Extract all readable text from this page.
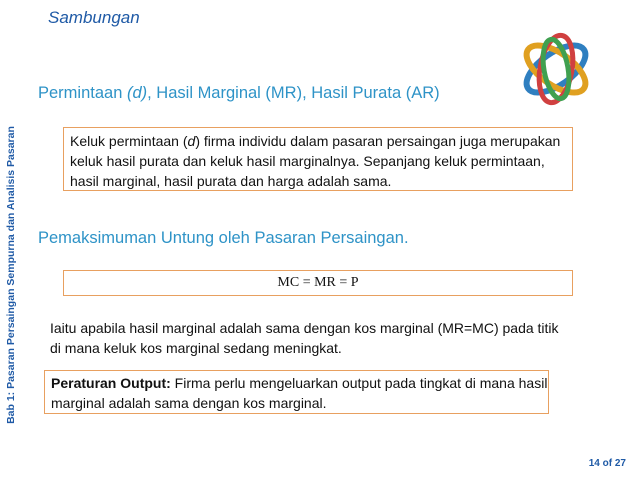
Bab 1: Pasaran Persaingan Sempurna dan Analisis Pasaran
Sambungan
Permintaan (d), Hasil Marginal (MR), Hasil Purata (AR)
Keluk permintaan (d) firma individu dalam pasaran persaingan juga merupakan keluk hasil purata dan keluk hasil marginalnya. Sepanjang keluk permintaan, hasil marginal, hasil purata dan harga adalah sama.
Pemaksimuman Untung oleh Pasaran Persaingan.
MC = MR = P
Iaitu apabila hasil marginal adalah sama dengan kos marginal (MR=MC) pada titik di mana keluk kos marginal sedang meningkat.
Peraturan Output: Firma perlu mengeluarkan output pada tingkat di mana hasil marginal adalah sama dengan kos marginal.
14 of 27
